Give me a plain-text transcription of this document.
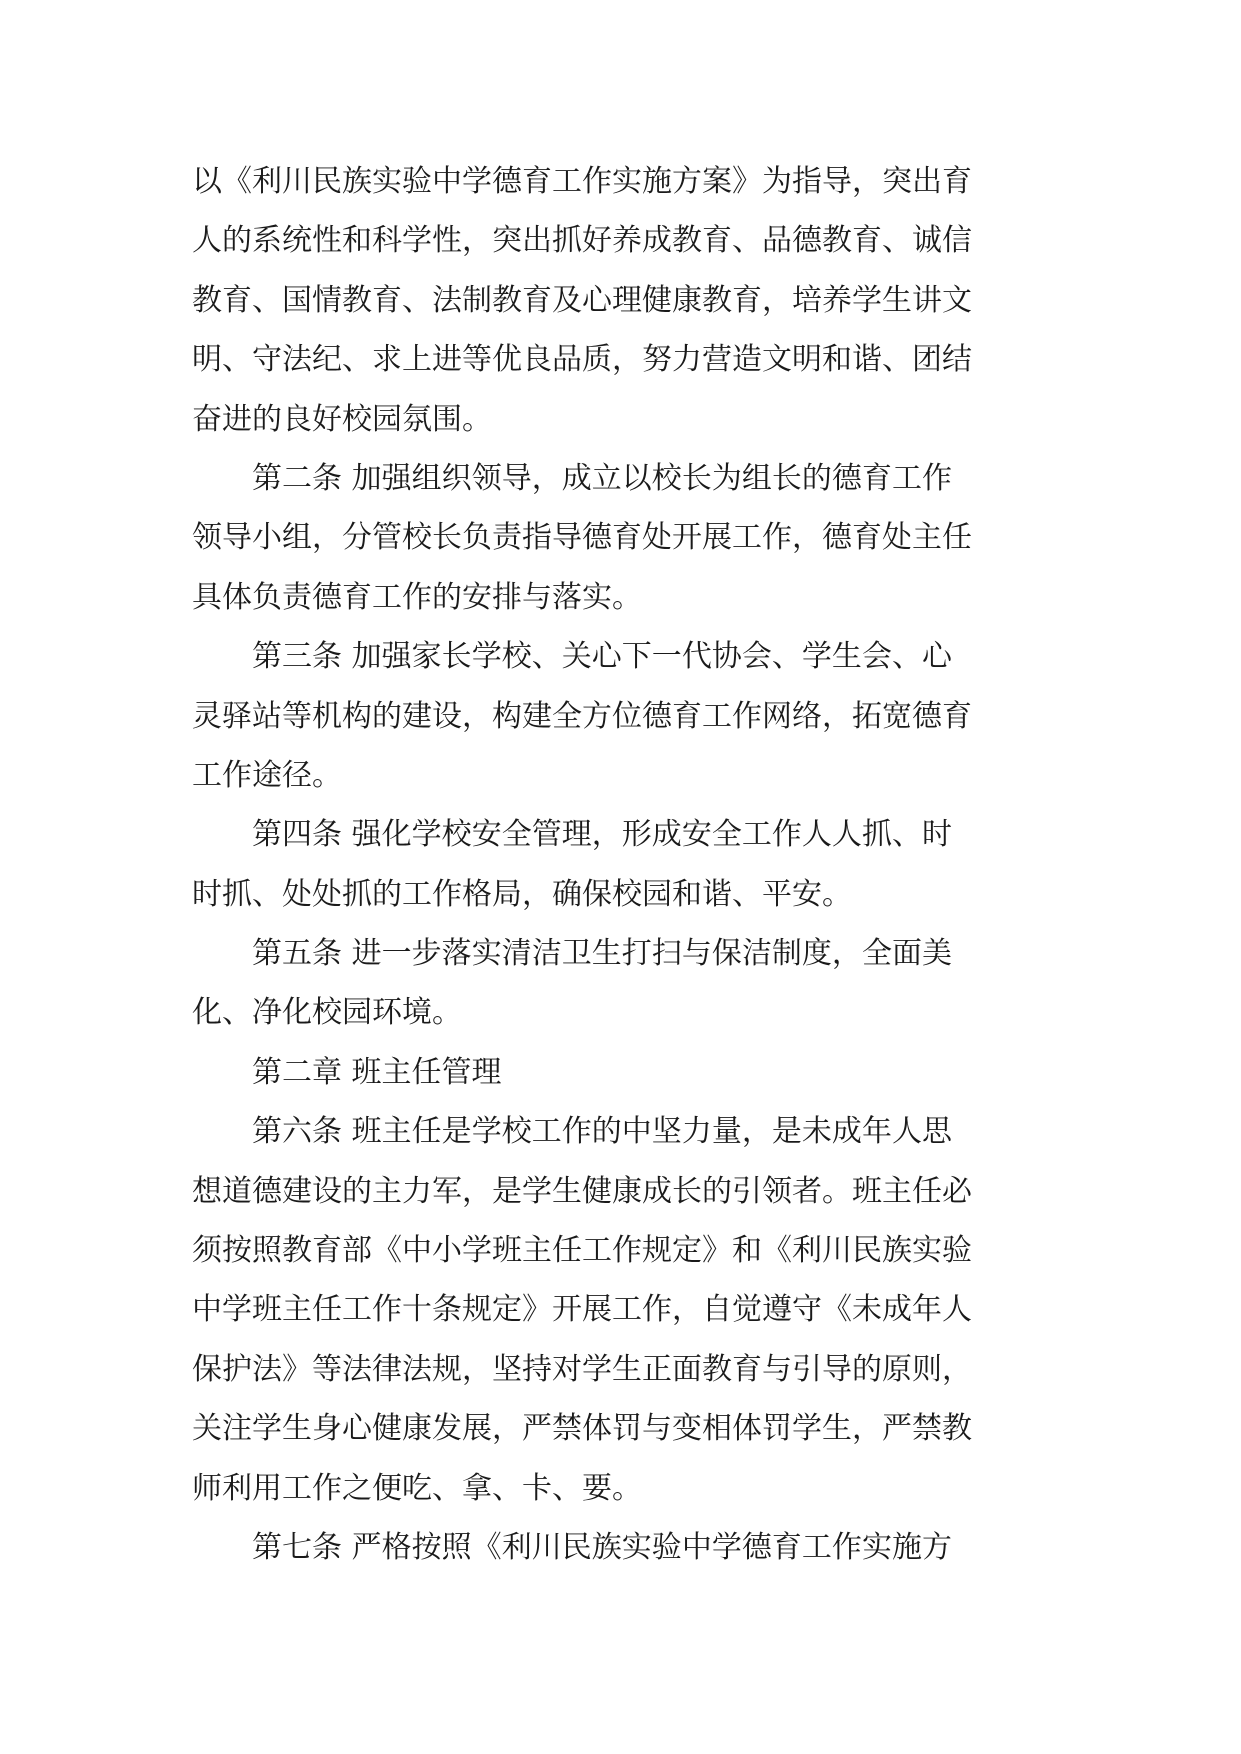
以《利川民族实验中学德育工作实施方案》为指导，突出育
人的系统性和科学性，突出抓好养成教育、品德教育、诚信
教育、国情教育、法制教育及心理健康教育，培养学生讲文
明、守法纪、求上进等优良品质，努力营造文明和谐、团结
奋进的良好校园氛围。
第二条 加强组织领导，成立以校长为组长的德育工作
领导小组，分管校长负责指导德育处开展工作，德育处主任
具体负责德育工作的安排与落实。
第三条 加强家长学校、关心下一代协会、学生会、心
灵驿站等机构的建设，构建全方位德育工作网络，拓宽德育
工作途径。
第四条 强化学校安全管理，形成安全工作人人抓、时
时抓、处处抓的工作格局，确保校园和谐、平安。
第五条 进一步落实清洁卫生打扫与保洁制度，全面美
化、净化校园环境。
第二章 班主任管理
第六条 班主任是学校工作的中坚力量，是未成年人思
想道德建设的主力军，是学生健康成长的引领者。班主任必
须按照教育部《中小学班主任工作规定》和《利川民族实验
中学班主任工作十条规定》开展工作，自觉遵守《未成年人
保护法》等法律法规，坚持对学生正面教育与引导的原则，
关注学生身心健康发展，严禁体罚与变相体罚学生，严禁教
师利用工作之便吃、拿、卡、要。
第七条 严格按照《利川民族实验中学德育工作实施方
